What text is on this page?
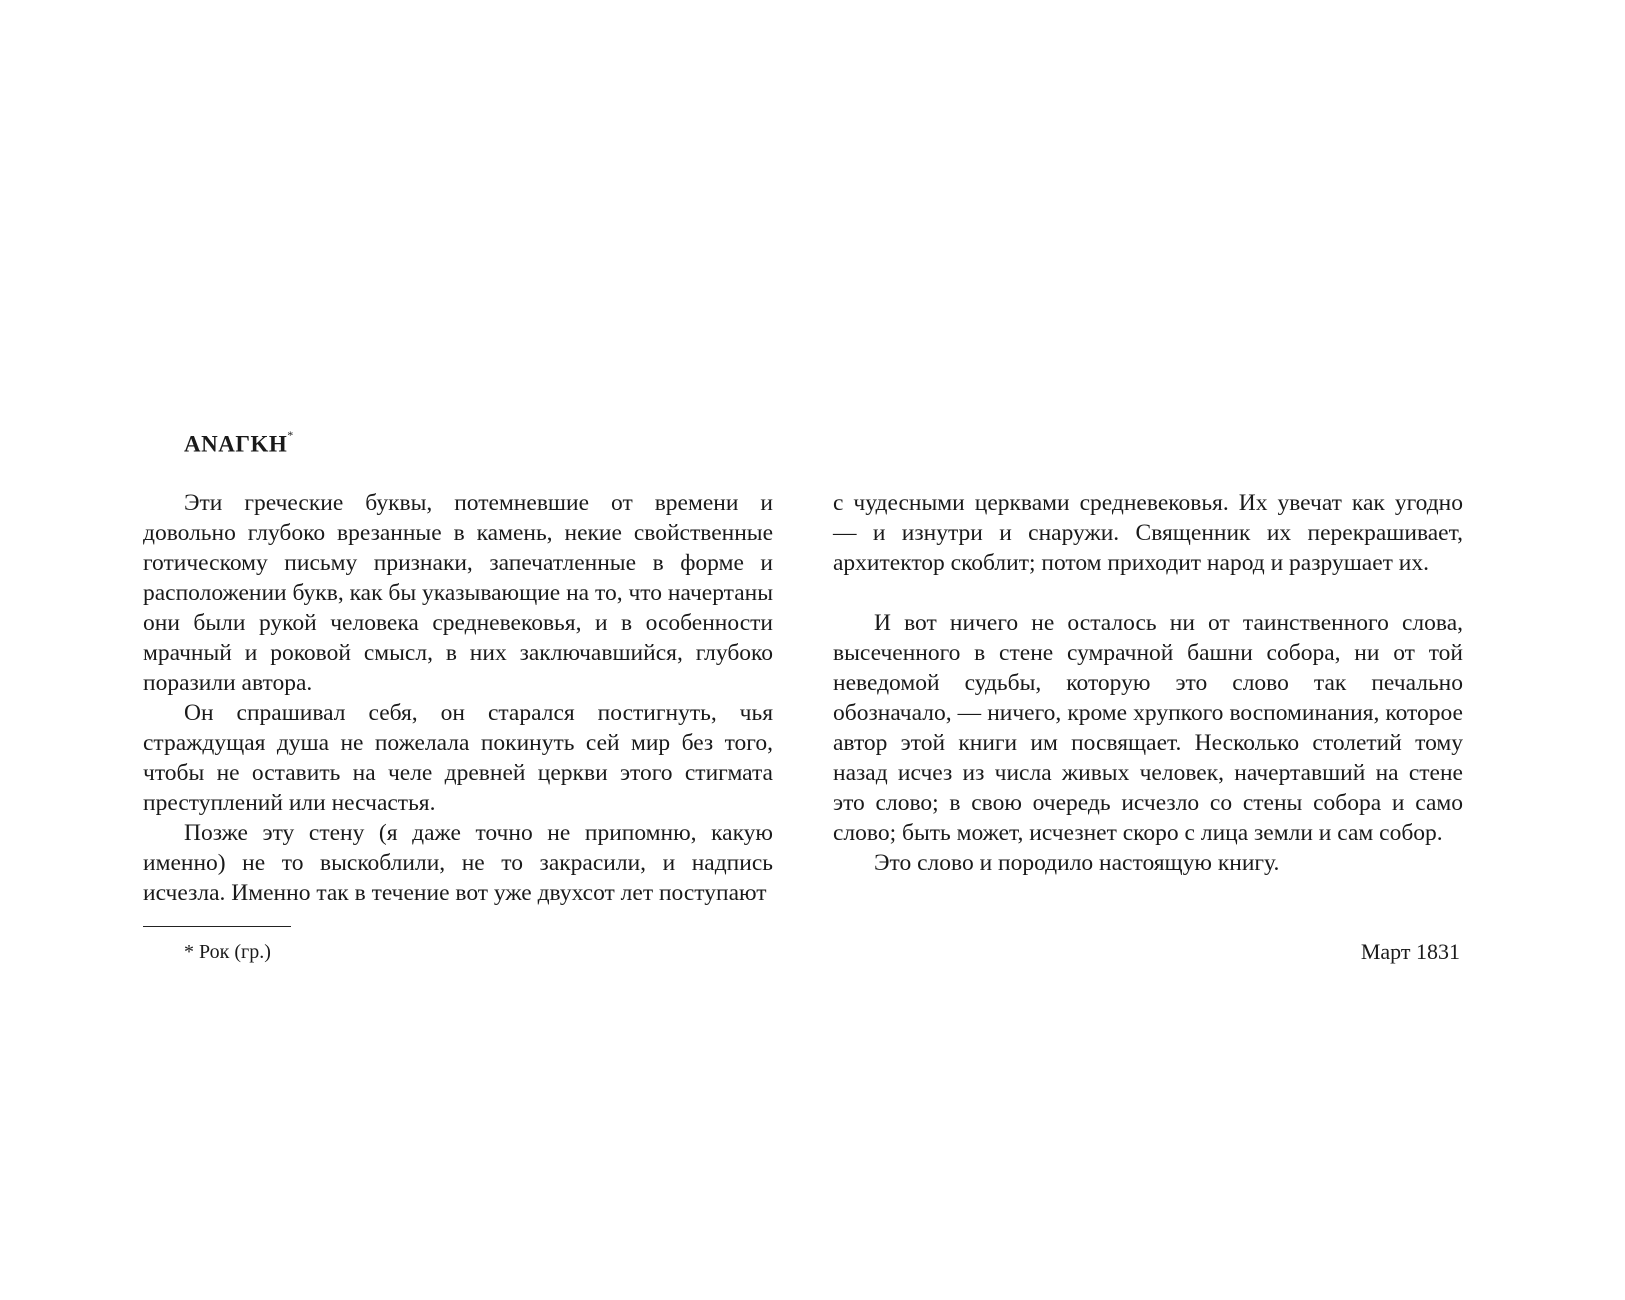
ΑΝΑΓΚΗ*

Эти греческие буквы, потемневшие от времени и довольно глубоко врезанные в камень, некие свойственные готическому письму признаки, запечатленные в форме и расположении букв, как бы указывающие на то, что начертаны они были рукой человека средневековья, и в особенности мрачный и роковой смысл, в них заключавшийся, глубоко поразили автора.

Он спрашивал себя, он старался постигнуть, чья страждущая душа не пожелала покинуть сей мир без того, чтобы не оставить на челе древней церкви этого стигмата преступлений или несчастья.

Позже эту стену (я даже точно не припомню, какую именно) не то выскоблили, не то закрасили, и надпись исчезла. Именно так в течение вот уже двухсот лет поступают

с чудесными церквами средневековья. Их увечат как угодно — и изнутри и снаружи. Священник их перекрашивает, архитектор скоблит; потом приходит народ и разрушает их.

И вот ничего не осталось ни от таинственного слова, высеченного в стене сумрачной башни собора, ни от той неведомой судьбы, которую это слово так печально обозначало, — ничего, кроме хрупкого воспоминания, которое автор этой книги им посвящает. Несколько столетий тому назад исчез из числа живых человек, начертавший на стене это слово; в свою очередь исчезло со стены собора и само слово; быть может, исчезнет скоро с лица земли и сам собор.

Это слово и породило настоящую книгу.

* Рок (гр.)	Март 1831
